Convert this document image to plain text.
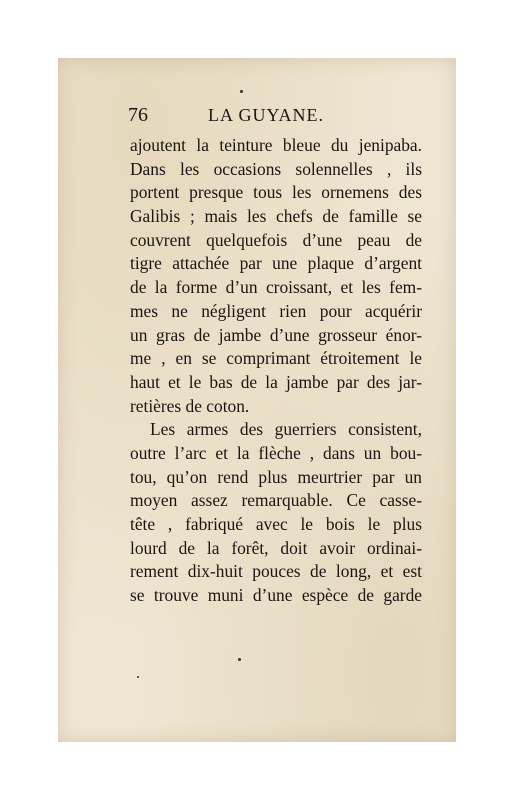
76	LA GUYANE.
ajoutent la teinture bleue du jenipaba.
Dans les occasions solennelles , ils
portent presque tous les ornemens des
Galibis ; mais les chefs de famille se
couvrent quelquefois d’une peau de
tigre attachée par une plaque d’argent
de la forme d’un croissant, et les fem-
mes ne négligent rien pour acquérir
un gras de jambe d’une grosseur énor-
me , en se comprimant étroitement le
haut et le bas de la jambe par des jar-
retières de coton.
Les armes des guerriers consistent,
outre l’arc et la flèche , dans un bou-
tou, qu’on rend plus meurtrier par un
moyen assez remarquable. Ce casse-
tête , fabriqué avec le bois le plus
lourd de la forêt, doit avoir ordinai-
rement dix-huit pouces de long, et est
se trouve muni d’une espèce de garde
